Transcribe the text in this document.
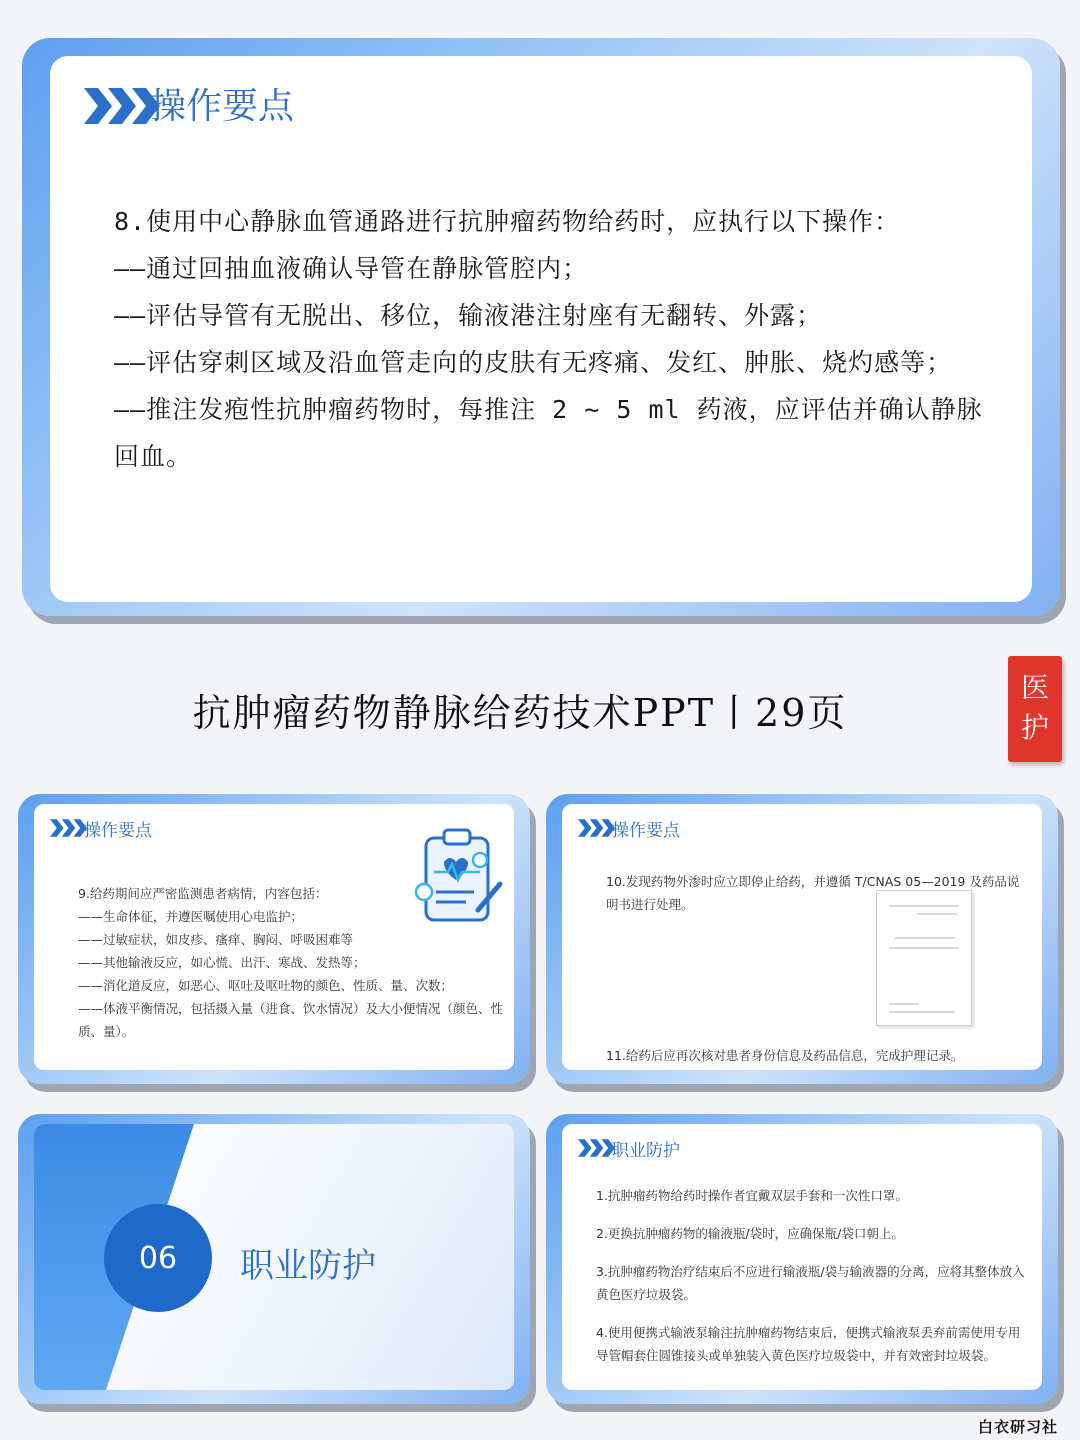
操作要点

8.使用中心静脉血管通路进行抗肿瘤药物给药时，应执行以下操作：

——通过回抽血液确认导管在静脉管腔内；

——评估导管有无脱出、移位，输液港注射座有无翻转、外露；

——评估穿刺区域及沿血管走向的皮肤有无疼痛、发红、肿胀、烧灼感等；

——推注发疱性抗肿瘤药物时，每推注 2 ~ 5 ml 药液，应评估并确认静脉回血。

抗肿瘤药物静脉给药技术PPT丨29页
医
护
操作要点

9.给药期间应严密监测患者病情，内容包括：

——生命体征，并遵医嘱使用心电监护；

——过敏症状，如皮疹、瘙痒、胸闷、呼吸困难等

——其他输液反应，如心慌、出汗、寒战、发热等；

——消化道反应，如恶心、呕吐及呕吐物的颜色、性质、量、次数；

——体液平衡情况，包括摄入量（进食、饮水情况）及大小便情况（颜色、性质、量）。

操作要点
10.发现药物外渗时应立即停止给药，并遵循 T/CNAS 05—2019 及药品说明书进行处理。
11.给药后应再次核对患者身份信息及药品信息，完成护理记录。
06	职业防护
职业防护

1.抗肿瘤药物给药时操作者宜戴双层手套和一次性口罩。

2.更换抗肿瘤药物的输液瓶/袋时，应确保瓶/袋口朝上。

3.抗肿瘤药物治疗结束后不应进行输液瓶/袋与输液器的分离，应将其整体放入黄色医疗垃圾袋。

4.使用便携式输液泵输注抗肿瘤药物结束后，便携式输液泵丢弃前需使用专用导管帽套住圆锥接头或单独装入黄色医疗垃圾袋中，并有效密封垃圾袋。

白衣研习社
